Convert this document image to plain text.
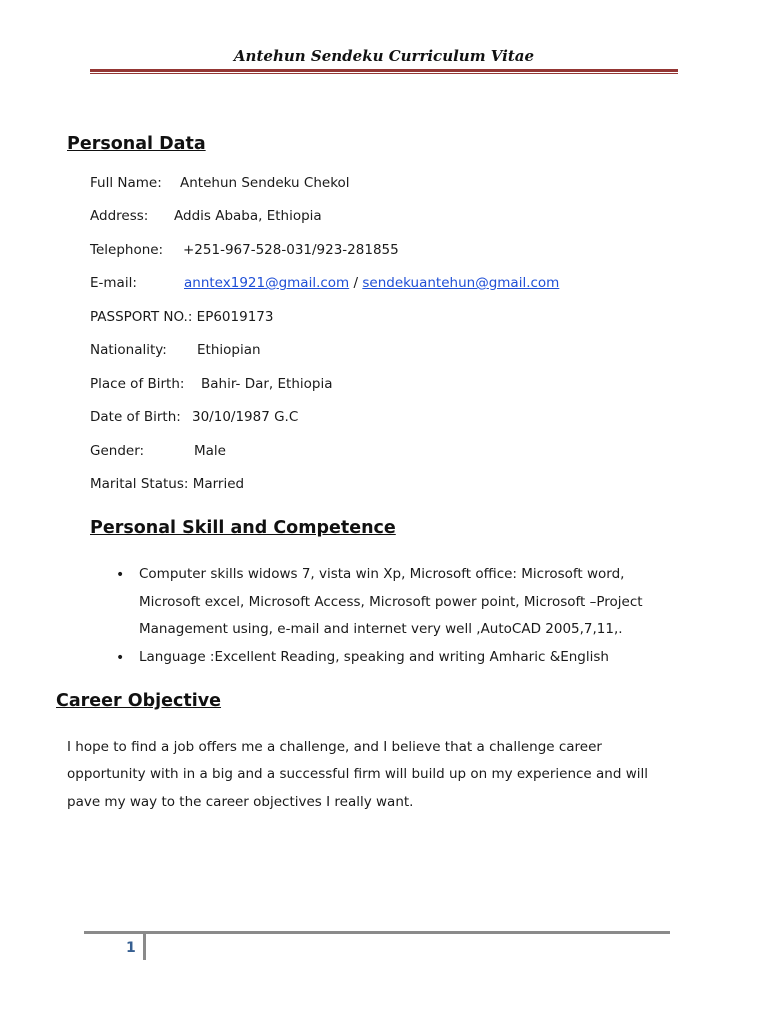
Antehun Sendeku Curriculum Vitae
Personal Data
Full Name: Antehun Sendeku Chekol
Address: Addis Ababa, Ethiopia
Telephone: +251-967-528-031/923-281855
E-mail:	anntex1921@gmail.com / sendekuantehun@gmail.com
PASSPORT NO.: EP6019173
Nationality: Ethiopian
Place of Birth: Bahir- Dar, Ethiopia
Date of Birth: 30/10/1987 G.C
Gender:	Male
Marital Status: Married
Personal Skill and Competence
• Computer skills widows 7, vista win Xp, Microsoft office: Microsoft word, Microsoft excel, Microsoft Access, Microsoft power point, Microsoft –Project Management using, e-mail and internet very well ,AutoCAD 2005,7,11,.
• Language :Excellent Reading, speaking and writing Amharic &English
Career Objective
I hope to find a job offers me a challenge, and I believe that a challenge career opportunity with in a big and a successful firm will build up on my experience and will pave my way to the career objectives I really want.
1
